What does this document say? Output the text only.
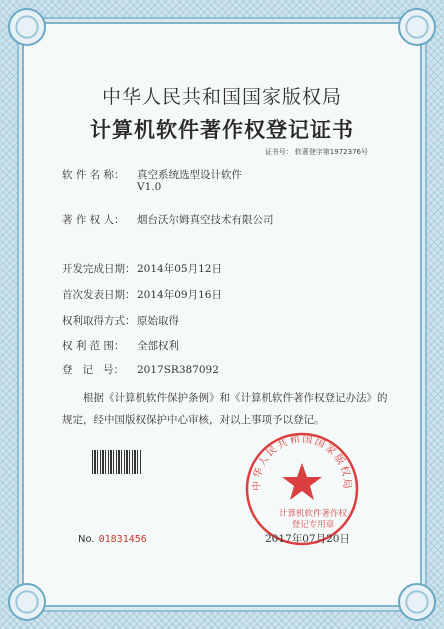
中华人民共和国国家版权局
计算机软件著作权登记证书
证书号： 软著登字第1972376号
软 件 名 称： 真空系统选型设计软件
V1.0
著 作 权 人： 烟台沃尔姆真空技术有限公司
开发完成日期： 2014年05月12日
首次发表日期： 2014年09月16日
权利取得方式： 原始取得
权 利 范 围： 全部权利
登   记   号： 2017SR387092
根据《计算机软件保护条例》和《计算机软件著作权登记办法》的规定，经中国版权保护中心审核，对以上事项予以登记。
No. 01831456
中华人民共和国国家版权局
计算机软件著作权
登记专用章
2017年07月20日
